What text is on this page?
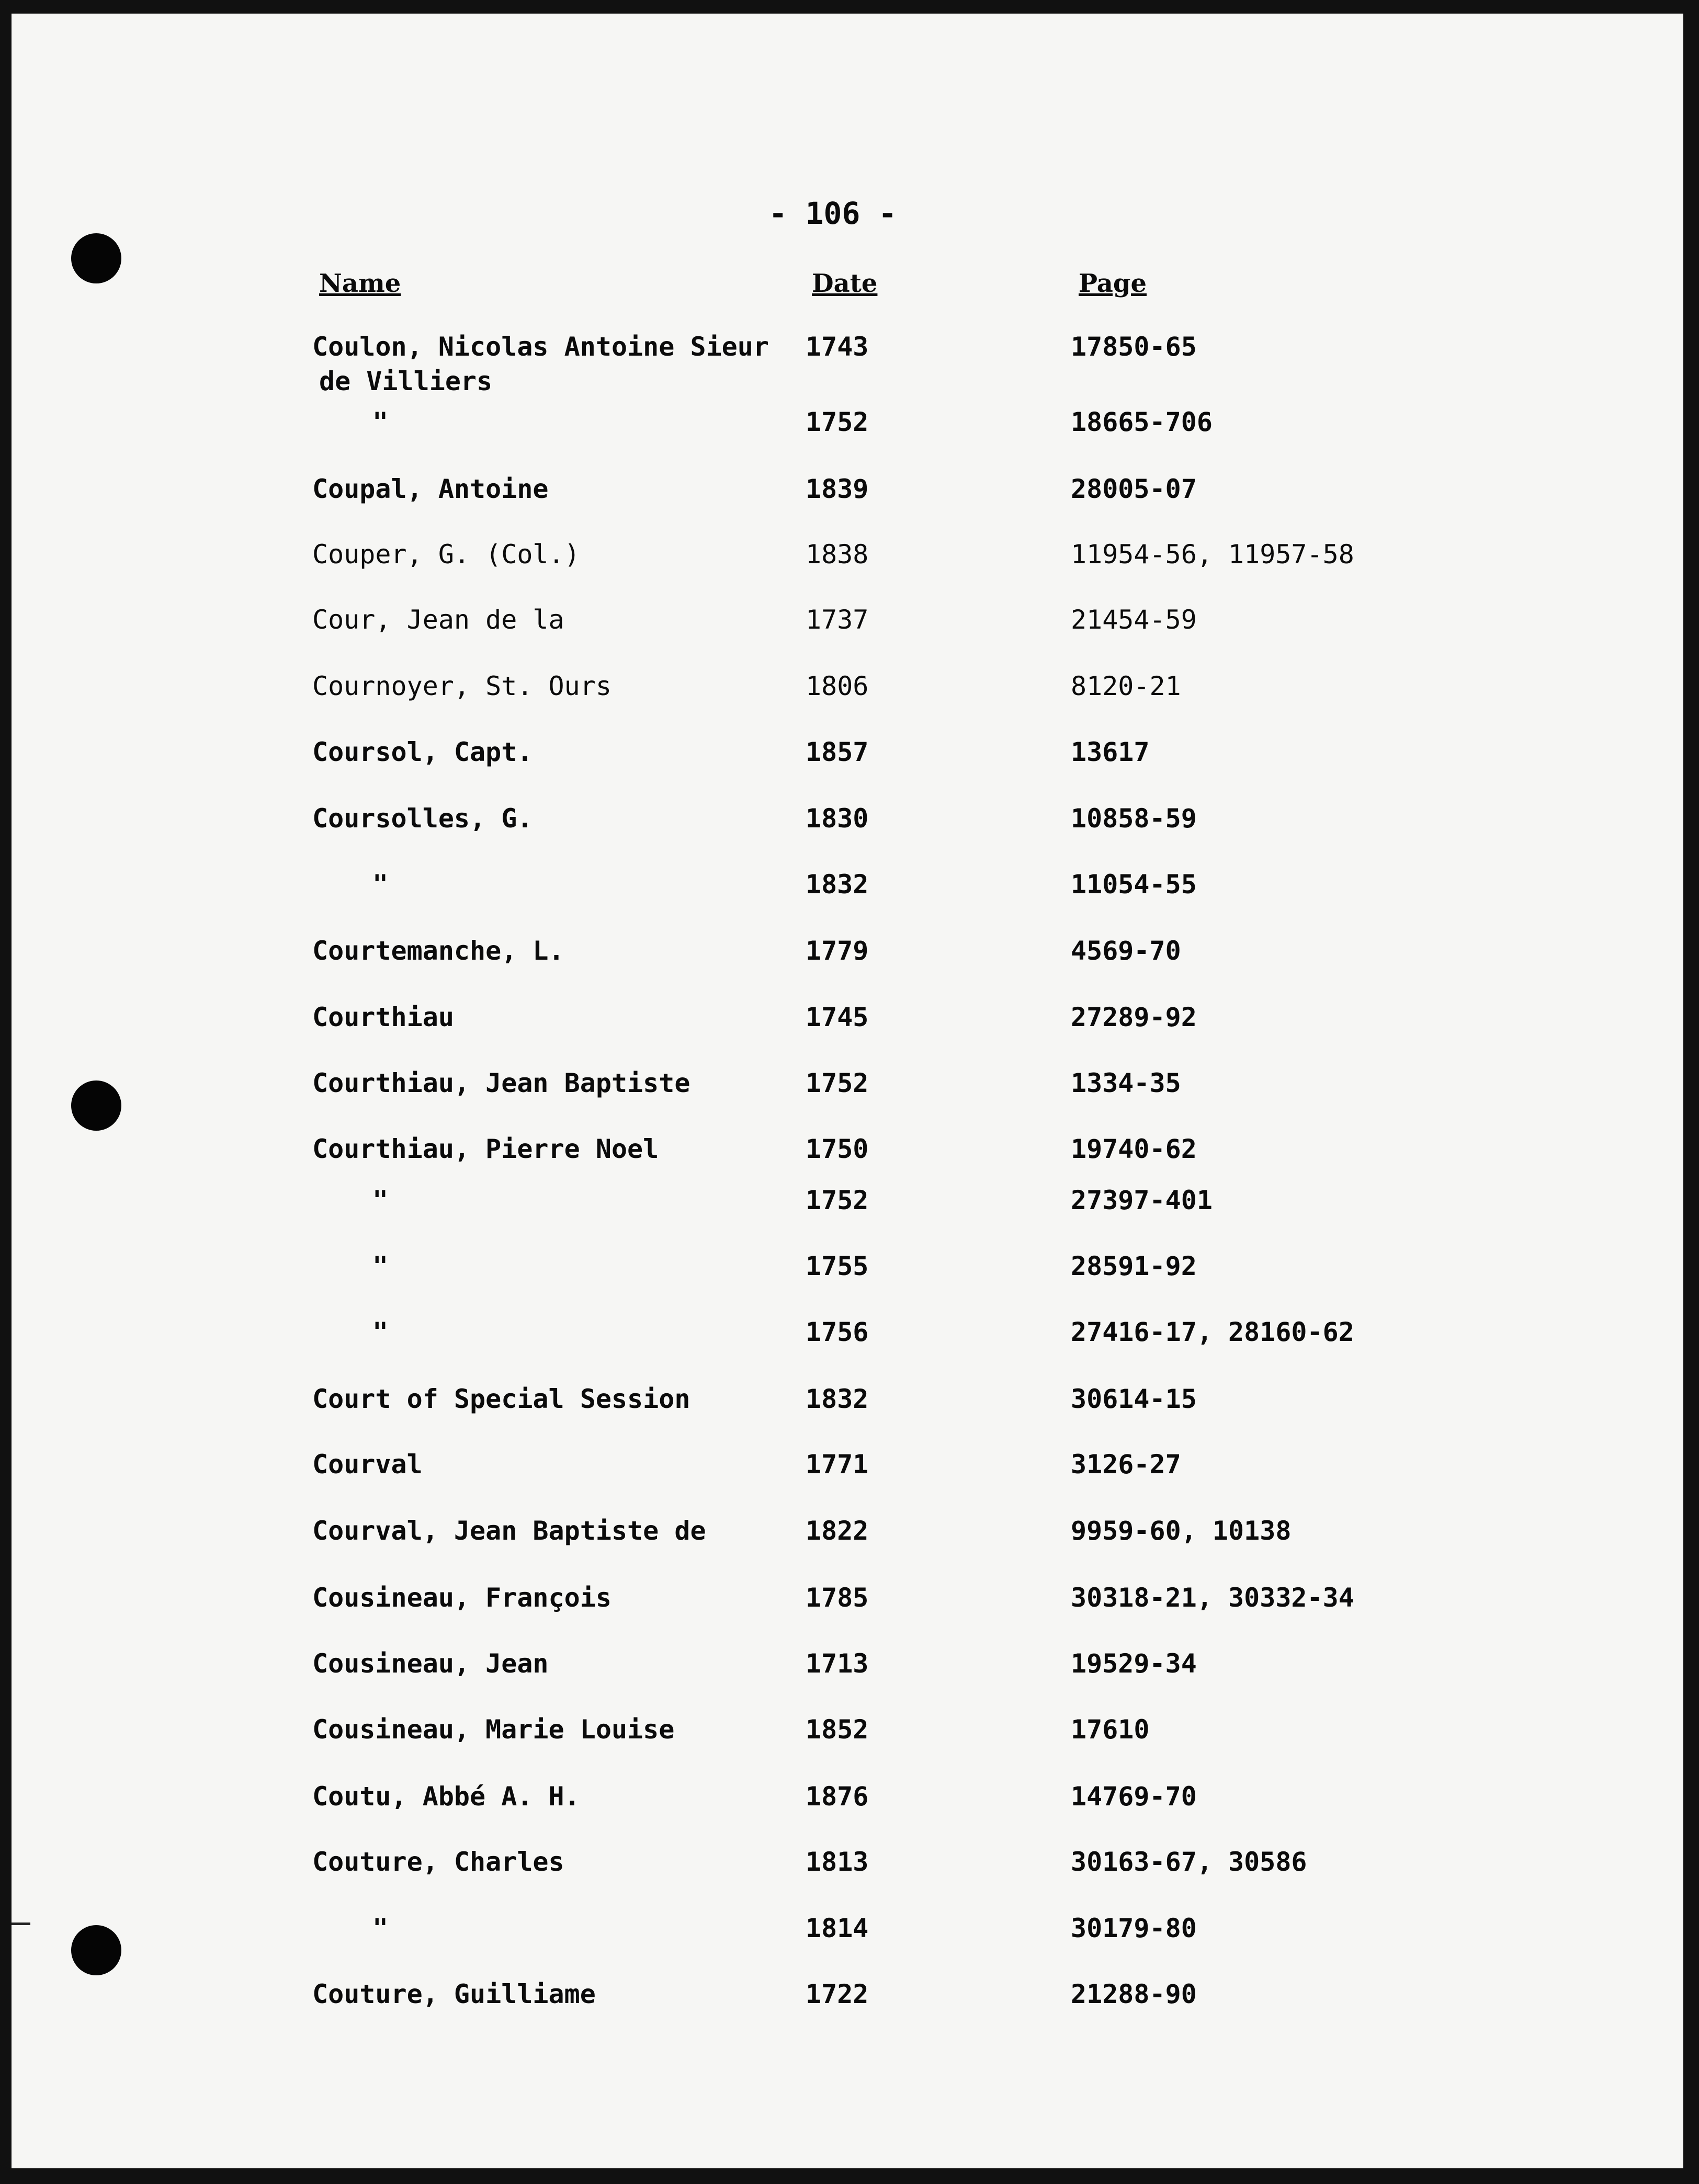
- 106 -
Name	Date	Page
Coulon, Nicolas Antoine Sieur 1743	17850-65
de Villiers
"	1752	18665-706
Coupal, Antoine	1839	28005-07
Couper, G. (Col.)	1838	11954-56, 11957-58
Cour, Jean de la	1737	21454-59
Cournoyer, St. Ours	1806	8120-21
Coursol, Capt.	1857	13617
Coursolles, G.	1830	10858-59
"	1832	11054-55
Courtemanche, L.	1779	4569-70
Courthiau	1745	27289-92
Courthiau, Jean Baptiste	1752	1334-35
Courthiau, Pierre Noel	1750	19740-62
"	1752	27397-401
"	1755	28591-92
"	1756	27416-17, 28160-62
Court of Special Session	1832	30614-15
Courval	1771	3126-27
Courval, Jean Baptiste de	1822	9959-60, 10138
Cousineau, François	1785	30318-21, 30332-34
Cousineau, Jean	1713	19529-34
Cousineau, Marie Louise	1852	17610
Coutu, Abbé A. H.	1876	14769-70
Couture, Charles	1813	30163-67, 30586
"	1814	30179-80
Couture, Guilliame	1722	21288-90
